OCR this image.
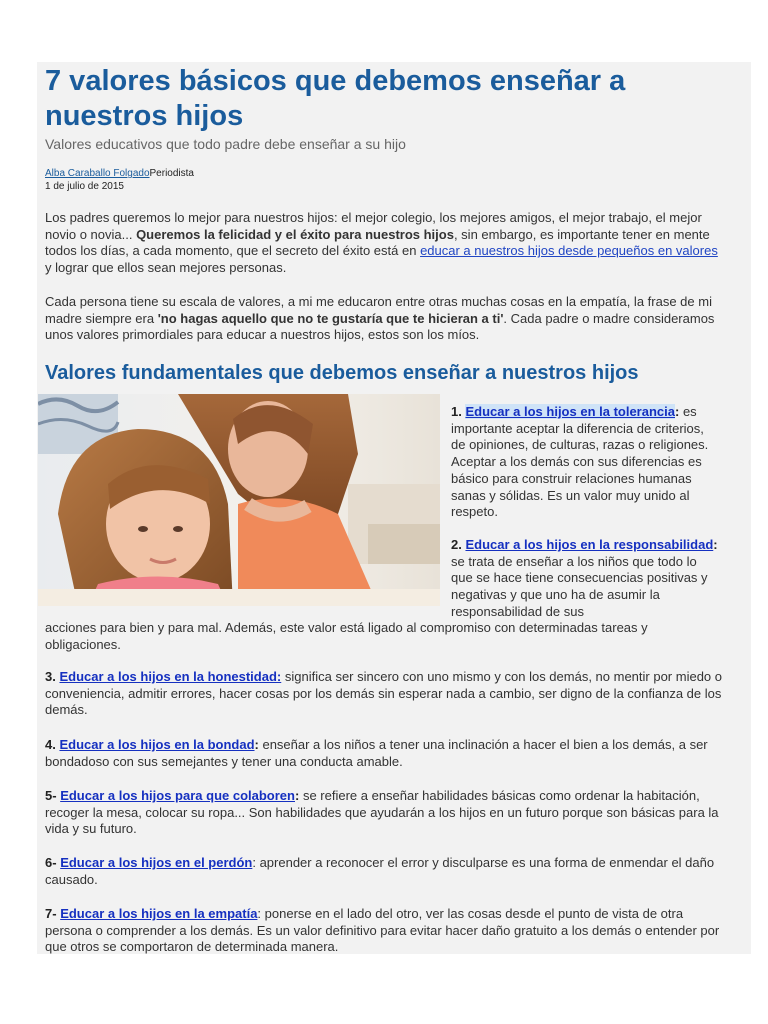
7 valores básicos que debemos enseñar a nuestros hijos

Valores educativos que todo padre debe enseñar a su hijo

Alba Caraballo FolgadoPeriodista
1 de julio de 2015

Los padres queremos lo mejor para nuestros hijos: el mejor colegio, los mejores amigos, el mejor trabajo, el mejor novio o novia... Queremos la felicidad y el éxito para nuestros hijos, sin embargo, es importante tener en mente todos los días, a cada momento, que el secreto del éxito está en educar a nuestros hijos desde pequeños en valores y lograr que ellos sean mejores personas.

Cada persona tiene su escala de valores, a mi me educaron entre otras muchas cosas en la empatía, la frase de mi madre siempre era 'no hagas aquello que no te gustaría que te hicieran a ti'. Cada padre o madre consideramos unos valores primordiales para educar a nuestros hijos, estos son los míos.

Valores fundamentales que debemos enseñar a nuestros hijos

1. Educar a los hijos en la tolerancia: es importante aceptar la diferencia de criterios, de opiniones, de culturas, razas o religiones. Aceptar a los demás con sus diferencias es básico para construir relaciones humanas sanas y sólidas. Es un valor muy unido al respeto.

2. Educar a los hijos en la responsabilidad: se trata de enseñar a los niños que todo lo que se hace tiene consecuencias positivas y negativas y que uno ha de asumir la responsabilidad de sus

acciones para bien y para mal. Además, este valor está ligado al compromiso con determinadas tareas y obligaciones.

3. Educar a los hijos en la honestidad: significa ser sincero con uno mismo y con los demás, no mentir por miedo o conveniencia, admitir errores, hacer cosas por los demás sin esperar nada a cambio, ser digno de la confianza de los demás.

4. Educar a los hijos en la bondad: enseñar a los niños a tener una inclinación a hacer el bien a los demás, a ser bondadoso con sus semejantes y tener una conducta amable.

5- Educar a los hijos para que colaboren: se refiere a enseñar habilidades básicas como ordenar la habitación, recoger la mesa, colocar su ropa... Son habilidades que ayudarán a los hijos en un futuro porque son básicas para la vida y su futuro.

6- Educar a los hijos en el perdón: aprender a reconocer el error y disculparse es una forma de enmendar el daño causado.

7- Educar a los hijos en la empatía: ponerse en el lado del otro, ver las cosas desde el punto de vista de otra persona o comprender a los demás. Es un valor definitivo para evitar hacer daño gratuito a los demás o entender por que otros se comportaron de determinada manera.
